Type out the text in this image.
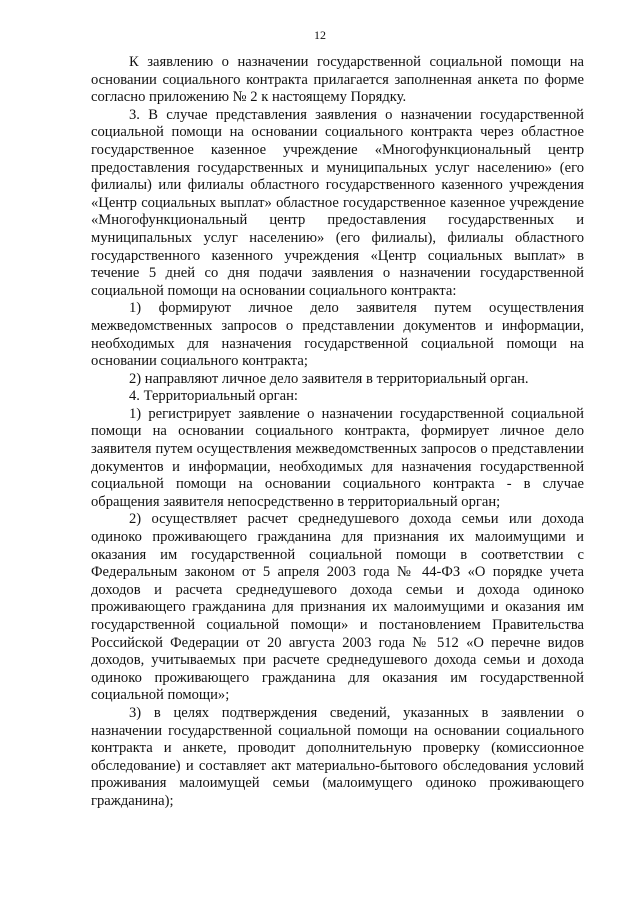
12

К заявлению о назначении государственной социальной помощи на основании социального контракта прилагается заполненная анкета по форме согласно приложению № 2 к настоящему Порядку.

3. В случае представления заявления о назначении государственной социальной помощи на основании социального контракта через областное государственное казенное учреждение «Многофункциональный центр предоставления государственных и муниципальных услуг населению» (его филиалы) или филиалы областного государственного казенного учреждения «Центр социальных выплат» областное государственное казенное учреждение «Многофункциональный центр предоставления государственных и муниципальных услуг населению» (его филиалы), филиалы областного государственного казенного учреждения «Центр социальных выплат» в течение 5 дней со дня подачи заявления о назначении государственной социальной помощи на основании социального контракта:

1) формируют личное дело заявителя путем осуществления межведомственных запросов о представлении документов и информации, необходимых для назначения государственной социальной помощи на основании социального контракта;

2) направляют личное дело заявителя в территориальный орган.

4. Территориальный орган:

1) регистрирует заявление о назначении государственной социальной помощи на основании социального контракта, формирует личное дело заявителя путем осуществления межведомственных запросов о представлении документов и информации, необходимых для назначения государственной социальной помощи на основании социального контракта - в случае обращения заявителя непосредственно в территориальный орган;

2) осуществляет расчет среднедушевого дохода семьи или дохода одиноко проживающего гражданина для признания их малоимущими и оказания им государственной социальной помощи в соответствии с Федеральным законом от 5 апреля 2003 года № 44-ФЗ «О порядке учета доходов и расчета среднедушевого дохода семьи и дохода одиноко проживающего гражданина для признания их малоимущими и оказания им государственной социальной помощи» и постановлением Правительства Российской Федерации от 20 августа 2003 года № 512 «О перечне видов доходов, учитываемых при расчете среднедушевого дохода семьи и дохода одиноко проживающего гражданина для оказания им государственной социальной помощи»;

3) в целях подтверждения сведений, указанных в заявлении о назначении государственной социальной помощи на основании социального контракта и анкете, проводит дополнительную проверку (комиссионное обследование) и составляет акт материально-бытового обследования условий проживания малоимущей семьи (малоимущего одиноко проживающего гражданина);
